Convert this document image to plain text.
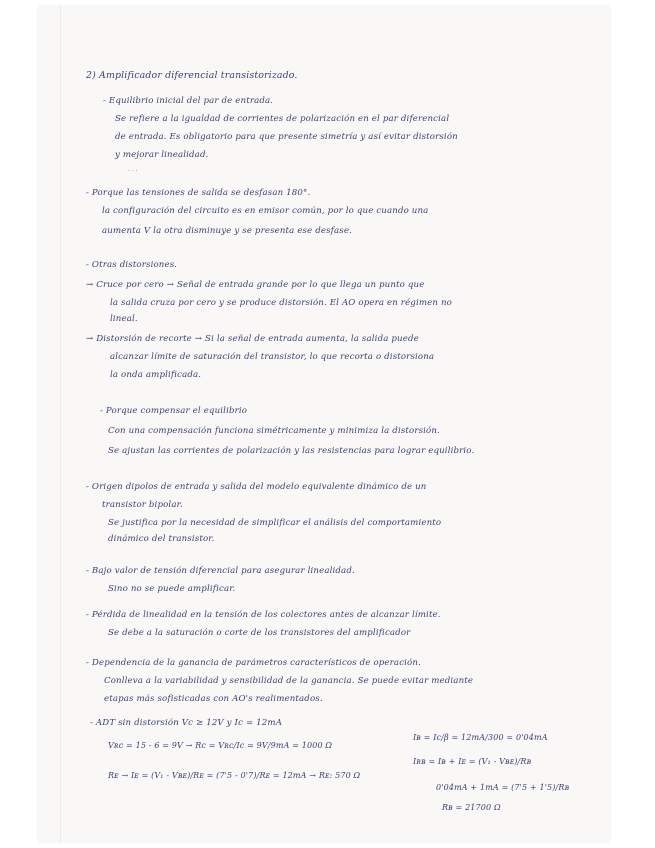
2) Amplificador diferencial transistorizado.

- Equilibrio inicial del par de entrada.

Se refiere a la igualdad de corrientes de polarización en el par diferencial

de entrada. Es obligatorio para que presente simetría y así evitar distorsión

y mejorar linealidad.

· · ·

- Porque las tensiones de salida se desfasan 180°.

la configuración del circuito es en emisor común, por lo que cuando una

aumenta V la otra disminuye y se presenta ese desfase.

- Otras distorsiones.

→ Cruce por cero → Señal de entrada grande por lo que llega un punto que

la salida cruza por cero y se produce distorsión. El AO opera en régimen no

lineal.

→ Distorsión de recorte → Si la señal de entrada aumenta, la salida puede

alcanzar límite de saturación del transistor, lo que recorta o distorsiona

la onda amplificada.

- Porque compensar el equilibrio

Con una compensación funciona simétricamente y minimiza la distorsión.

Se ajustan las corrientes de polarización y las resistencias para lograr equilibrio.

- Origen dipolos de entrada y salida del modelo equivalente dinámico de un

transistor bipolar.

Se justifica por la necesidad de simplificar el análisis del comportamiento

dinámico del transistor.

- Bajo valor de tensión diferencial para asegurar linealidad.

Sino no se puede amplificar.

- Pérdida de linealidad en la tensión de los colectores antes de alcanzar límite.

Se debe a la saturación o corte de los transistores del amplificador

- Dependencia de la ganancia de parámetros característicos de operación.

Conlleva a la variabilidad y sensibilidad de la ganancia. Se puede evitar mediante

etapas más sofisticadas con AO's realimentados.

- ADT sin distorsión Vc ≥ 12V y Ic = 12mA

Vʀᴄ = 15 - 6 = 9V → Rc = Vʀᴄ/Ic = 9V/9mA = 1000 Ω

Rᴇ → Iᴇ = (V₁ - Vʙᴇ)/Rᴇ = (7'5 - 0'7)/Rᴇ = 12mA → Rᴇ: 570 Ω

Iʙ = Ic/β = 12mA/300 = 0'04mA

Iʀʙ = Iʙ + Iᴇ = (V₁ - Vʙᴇ)/Rʙ

0'04mA + 1mA = (7'5 + 1'5)/Rʙ

Rʙ = 21700 Ω
